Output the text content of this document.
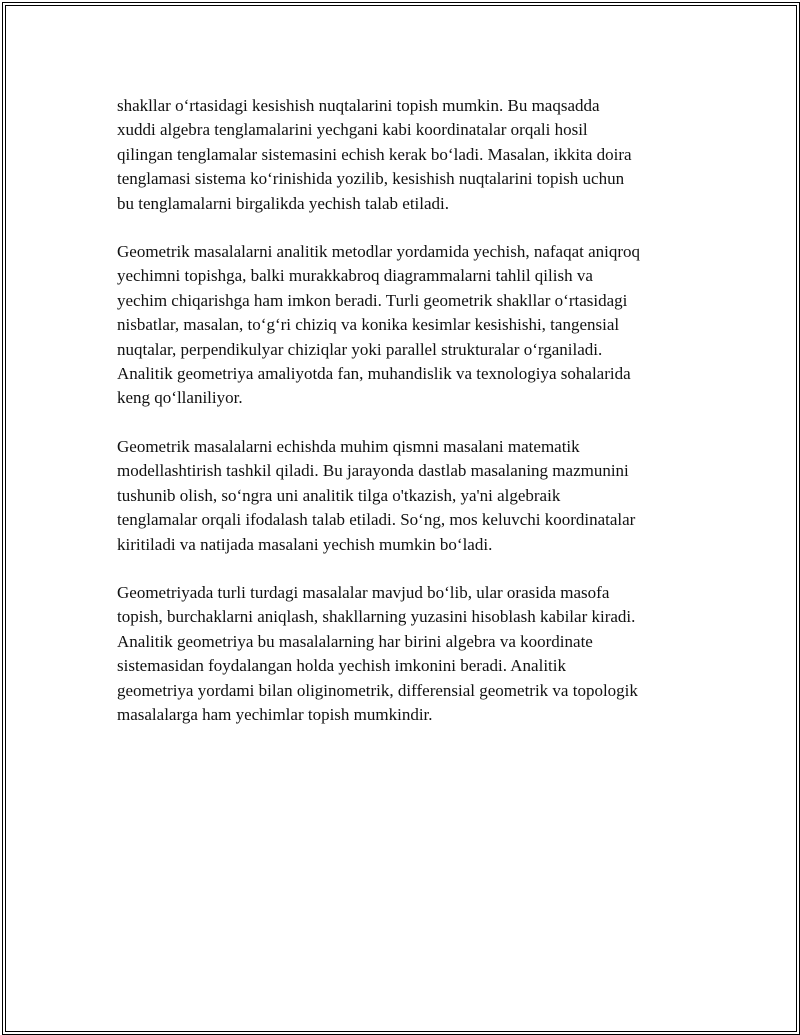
shakllar o‘rtasidagi kesishish nuqtalarini topish mumkin. Bu maqsadda
xuddi algebra tenglamalarini yechgani kabi koordinatalar orqali hosil
qilingan tenglamalar sistemasini echish kerak bo‘ladi. Masalan, ikkita doira
tenglamasi sistema ko‘rinishida yozilib, kesishish nuqtalarini topish uchun
bu tenglamalarni birgalikda yechish talab etiladi.

Geometrik masalalarni analitik metodlar yordamida yechish, nafaqat aniqroq
yechimni topishga, balki murakkabroq diagrammalarni tahlil qilish va
yechim chiqarishga ham imkon beradi. Turli geometrik shakllar o‘rtasidagi
nisbatlar, masalan, to‘g‘ri chiziq va konika kesimlar kesishishi, tangensial
nuqtalar, perpendikulyar chiziqlar yoki parallel strukturalar o‘rganiladi.
Analitik geometriya amaliyotda fan, muhandislik va texnologiya sohalarida
keng qo‘llaniliyor.

Geometrik masalalarni echishda muhim qismni masalani matematik
modellashtirish tashkil qiladi. Bu jarayonda dastlab masalaning mazmunini
tushunib olish, so‘ngra uni analitik tilga o'tkazish, ya'ni algebraik
tenglamalar orqali ifodalash talab etiladi. So‘ng, mos keluvchi koordinatalar
kiritiladi va natijada masalani yechish mumkin bo‘ladi.

Geometriyada turli turdagi masalalar mavjud bo‘lib, ular orasida masofa
topish, burchaklarni aniqlash, shakllarning yuzasini hisoblash kabilar kiradi.
Analitik geometriya bu masalalarning har birini algebra va koordinate
sistemasidan foydalangan holda yechish imkonini beradi. Analitik
geometriya yordami bilan oliginometrik, differensial geometrik va topologik
masalalarga ham yechimlar topish mumkindir.
